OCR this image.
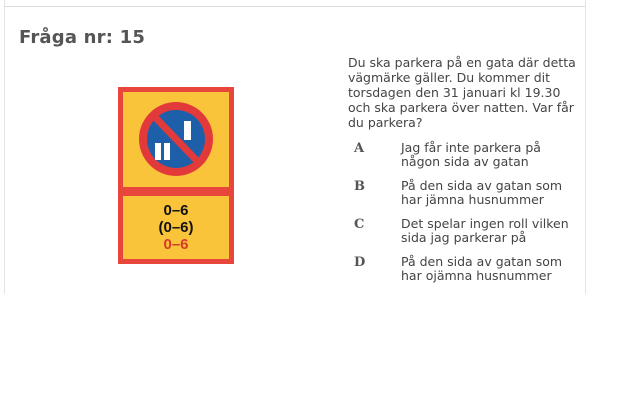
Fråga nr: 15
0–6
(0–6)
0–6
Du ska parkera på en gata där detta vägmärke gäller. Du kommer dit torsdagen den 31 januari kl 19.30 och ska parkera över natten. Var får du parkera?
A	Jag får inte parkera på någon sida av gatan
B	På den sida av gatan som har jämna husnummer
C	Det spelar ingen roll vilken sida jag parkerar på
D	På den sida av gatan som har ojämna husnummer
